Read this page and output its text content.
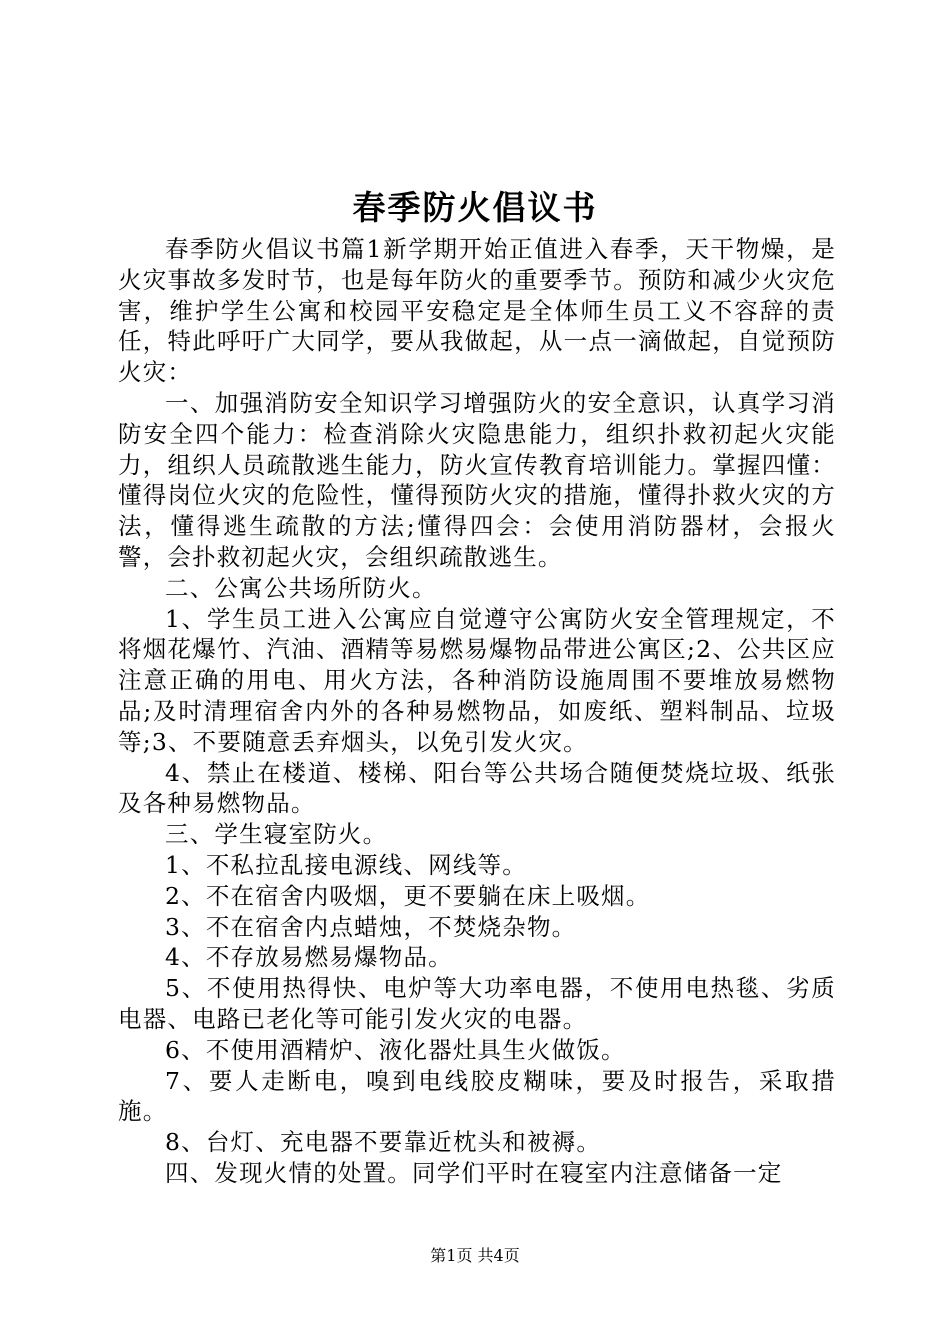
春季防火倡议书

春季防火倡议书篇1新学期开始正值进入春季，天干物燥，是火灾事故多发时节，也是每年防火的重要季节。预防和减少火灾危害，维护学生公寓和校园平安稳定是全体师生员工义不容辞的责任，特此呼吁广大同学，要从我做起，从一点一滴做起，自觉预防火灾：

一、加强消防安全知识学习增强防火的安全意识，认真学习消防安全四个能力：检查消除火灾隐患能力，组织扑救初起火灾能力，组织人员疏散逃生能力，防火宣传教育培训能力。掌握四懂：懂得岗位火灾的危险性，懂得预防火灾的措施，懂得扑救火灾的方法，懂得逃生疏散的方法;懂得四会：会使用消防器材，会报火警，会扑救初起火灾，会组织疏散逃生。

二、公寓公共场所防火。

1、学生员工进入公寓应自觉遵守公寓防火安全管理规定，不将烟花爆竹、汽油、酒精等易燃易爆物品带进公寓区;2、公共区应注意正确的用电、用火方法，各种消防设施周围不要堆放易燃物品;及时清理宿舍内外的各种易燃物品，如废纸、塑料制品、垃圾等;3、不要随意丢弃烟头，以免引发火灾。

4、禁止在楼道、楼梯、阳台等公共场合随便焚烧垃圾、纸张及各种易燃物品。

三、学生寝室防火。

1、不私拉乱接电源线、网线等。

2、不在宿舍内吸烟，更不要躺在床上吸烟。

3、不在宿舍内点蜡烛，不焚烧杂物。

4、不存放易燃易爆物品。

5、不使用热得快、电炉等大功率电器，不使用电热毯、劣质电器、电路已老化等可能引发火灾的电器。

6、不使用酒精炉、液化器灶具生火做饭。

7、要人走断电，嗅到电线胶皮糊味，要及时报告，采取措施。

8、台灯、充电器不要靠近枕头和被褥。

四、发现火情的处置。同学们平时在寝室内注意储备一定

第1页 共4页
